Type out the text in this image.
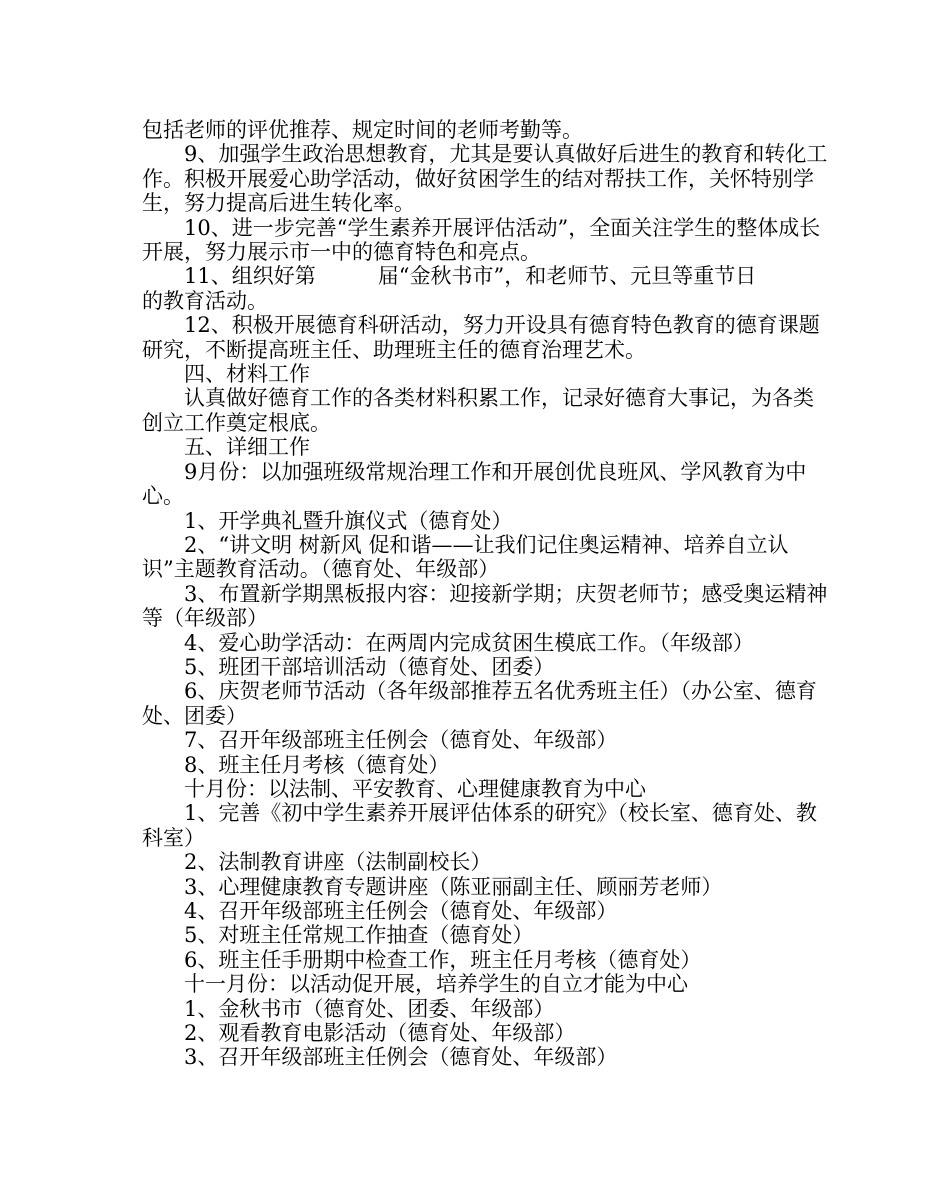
包括老师的评优推荐、规定时间的老师考勤等。

9、加强学生政治思想教育，尤其是要认真做好后进生的教育和转化工作。积极开展爱心助学活动，做好贫困学生的结对帮扶工作，关怀特别学生，努力提高后进生转化率。

10、进一步完善“学生素养开展评估活动”，全面关注学生的整体成长开展，努力展示市一中的德育特色和亮点。

11、组织好第	届“金秋书市”，和老师节、元旦等重节日

的教育活动。

12、积极开展德育科研活动，努力开设具有德育特色教育的德育课题研究，不断提高班主任、助理班主任的德育治理艺术。

四、材料工作

认真做好德育工作的各类材料积累工作，记录好德育大事记，为各类创立工作奠定根底。

五、详细工作

9月份：以加强班级常规治理工作和开展创优良班风、学风教育为中心。

1、开学典礼暨升旗仪式（德育处）

2、“讲文明 树新风 促和谐——让我们记住奥运精神、培养自立认识”主题教育活动。（德育处、年级部）

3、布置新学期黑板报内容：迎接新学期；庆贺老师节；感受奥运精神等（年级部）

4、爱心助学活动：在两周内完成贫困生模底工作。（年级部）

5、班团干部培训活动（德育处、团委）

6、庆贺老师节活动（各年级部推荐五名优秀班主任）（办公室、德育处、团委）

7、召开年级部班主任例会（德育处、年级部）

8、班主任月考核（德育处）

十月份：以法制、平安教育、心理健康教育为中心

1、完善《初中学生素养开展评估体系的研究》（校长室、德育处、教科室）

2、法制教育讲座（法制副校长）

3、心理健康教育专题讲座（陈亚丽副主任、顾丽芳老师）

4、召开年级部班主任例会（德育处、年级部）

5、对班主任常规工作抽查（德育处）

6、班主任手册期中检查工作，班主任月考核（德育处）

十一月份：以活动促开展，培养学生的自立才能为中心

1、金秋书市（德育处、团委、年级部）

2、观看教育电影活动（德育处、年级部）

3、召开年级部班主任例会（德育处、年级部）
